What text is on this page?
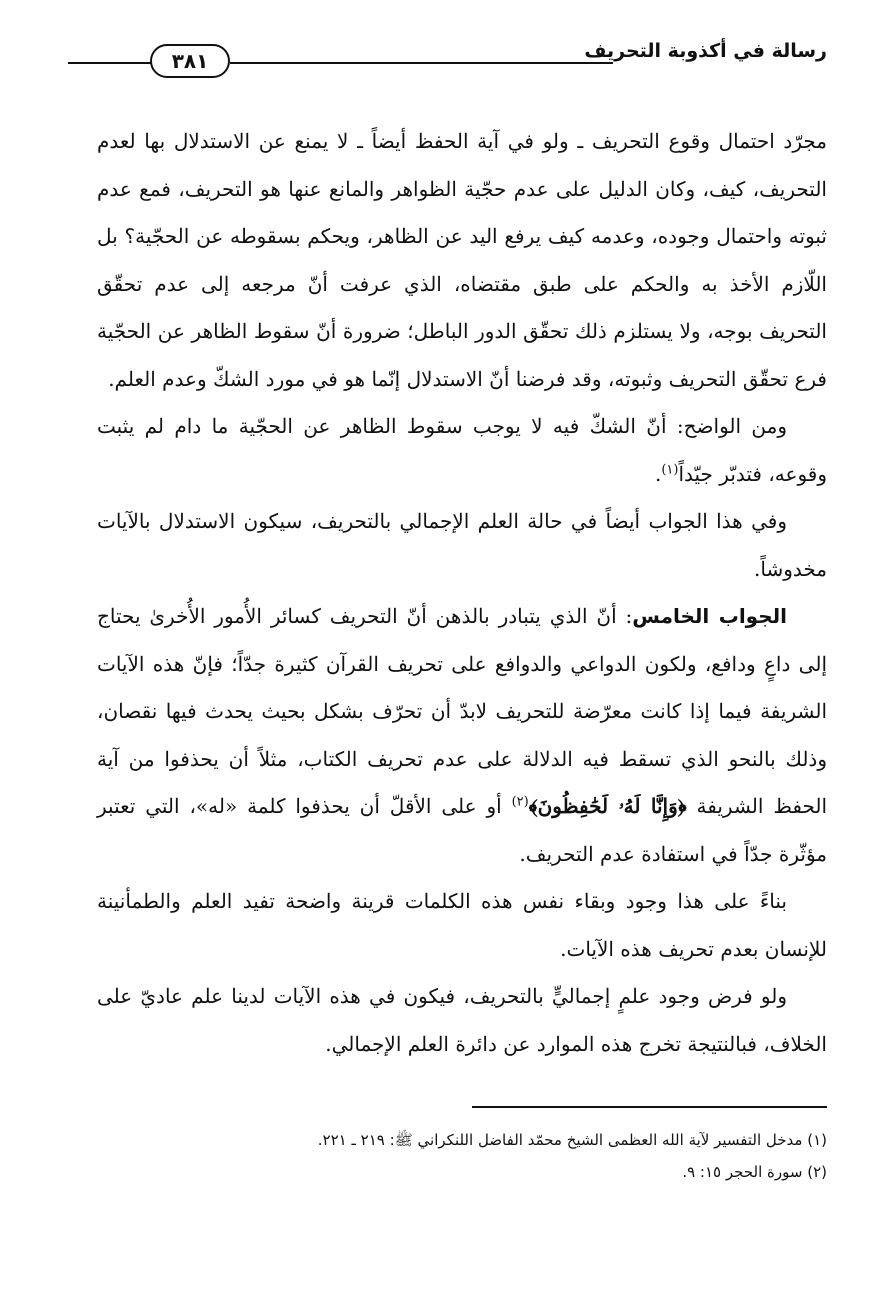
رسالة في أكذوبة التحريف
٣٨١

مجرّد احتمال وقوع التحريف ـ ولو في آية الحفظ أيضاً ـ لا يمنع عن الاستدلال بها لعدم التحريف، كيف، وكان الدليل على عدم حجّية الظواهر والمانع عنها هو التحريف، فمع عدم ثبوته واحتمال وجوده، وعدمه كيف يرفع اليد عن الظاهر، ويحكم بسقوطه عن الحجّية؟ بل اللّازم الأخذ به والحكم على طبق مقتضاه، الذي عرفت أنّ مرجعه إلى عدم تحقّق التحريف بوجه، ولا يستلزم ذلك تحقّق الدور الباطل؛ ضرورة أنّ سقوط الظاهر عن الحجّية فرع تحقّق التحريف وثبوته، وقد فرضنا أنّ الاستدلال إنّما هو في مورد الشكّ وعدم العلم.

ومن الواضح: أنّ الشكّ فيه لا يوجب سقوط الظاهر عن الحجّية ما دام لم يثبت وقوعه، فتدبّر جيّداً$^{(١)}$.

وفي هذا الجواب أيضاً في حالة العلم الإجمالي بالتحريف، سيكون الاستدلال بالآيات مخدوشاً.

الجواب الخامس: أنّ الذي يتبادر بالذهن أنّ التحريف كسائر الأُمور الأُخرىٰ يحتاج إلى داعٍ ودافع، ولكون الدواعي والدوافع على تحريف القرآن كثيرة جدّاً؛ فإنّ هذه الآيات الشريفة فيما إذا كانت معرّضة للتحريف لابدّ أن تحرّف بشكل بحيث يحدث فيها نقصان، وذلك بالنحو الذي تسقط فيه الدلالة على عدم تحريف الكتاب، مثلاً أن يحذفوا من آية الحفظ الشريفة ﴿وَإِنَّا لَهُۥ لَحَٰفِظُونَ﴾$^{(٢)}$ أو على الأقلّ أن يحذفوا كلمة «له»، التي تعتبر مؤثّرة جدّاً في استفادة عدم التحريف.

بناءً على هذا وجود وبقاء نفس هذه الكلمات قرينة واضحة تفيد العلم والطمأنينة للإنسان بعدم تحريف هذه الآيات.

ولو فرض وجود علمٍ إجماليٍّ بالتحريف، فيكون في هذه الآيات لدينا علم عاديّ على الخلاف، فبالنتيجة تخرج هذه الموارد عن دائرة العلم الإجمالي.

(١) مدخل التفسير لآية الله العظمى الشيخ محمّد الفاضل اللنكراني ﷺ: ٢١٩ ـ ٢٢١.

(٢) سورة الحجر ١٥: ٩.
